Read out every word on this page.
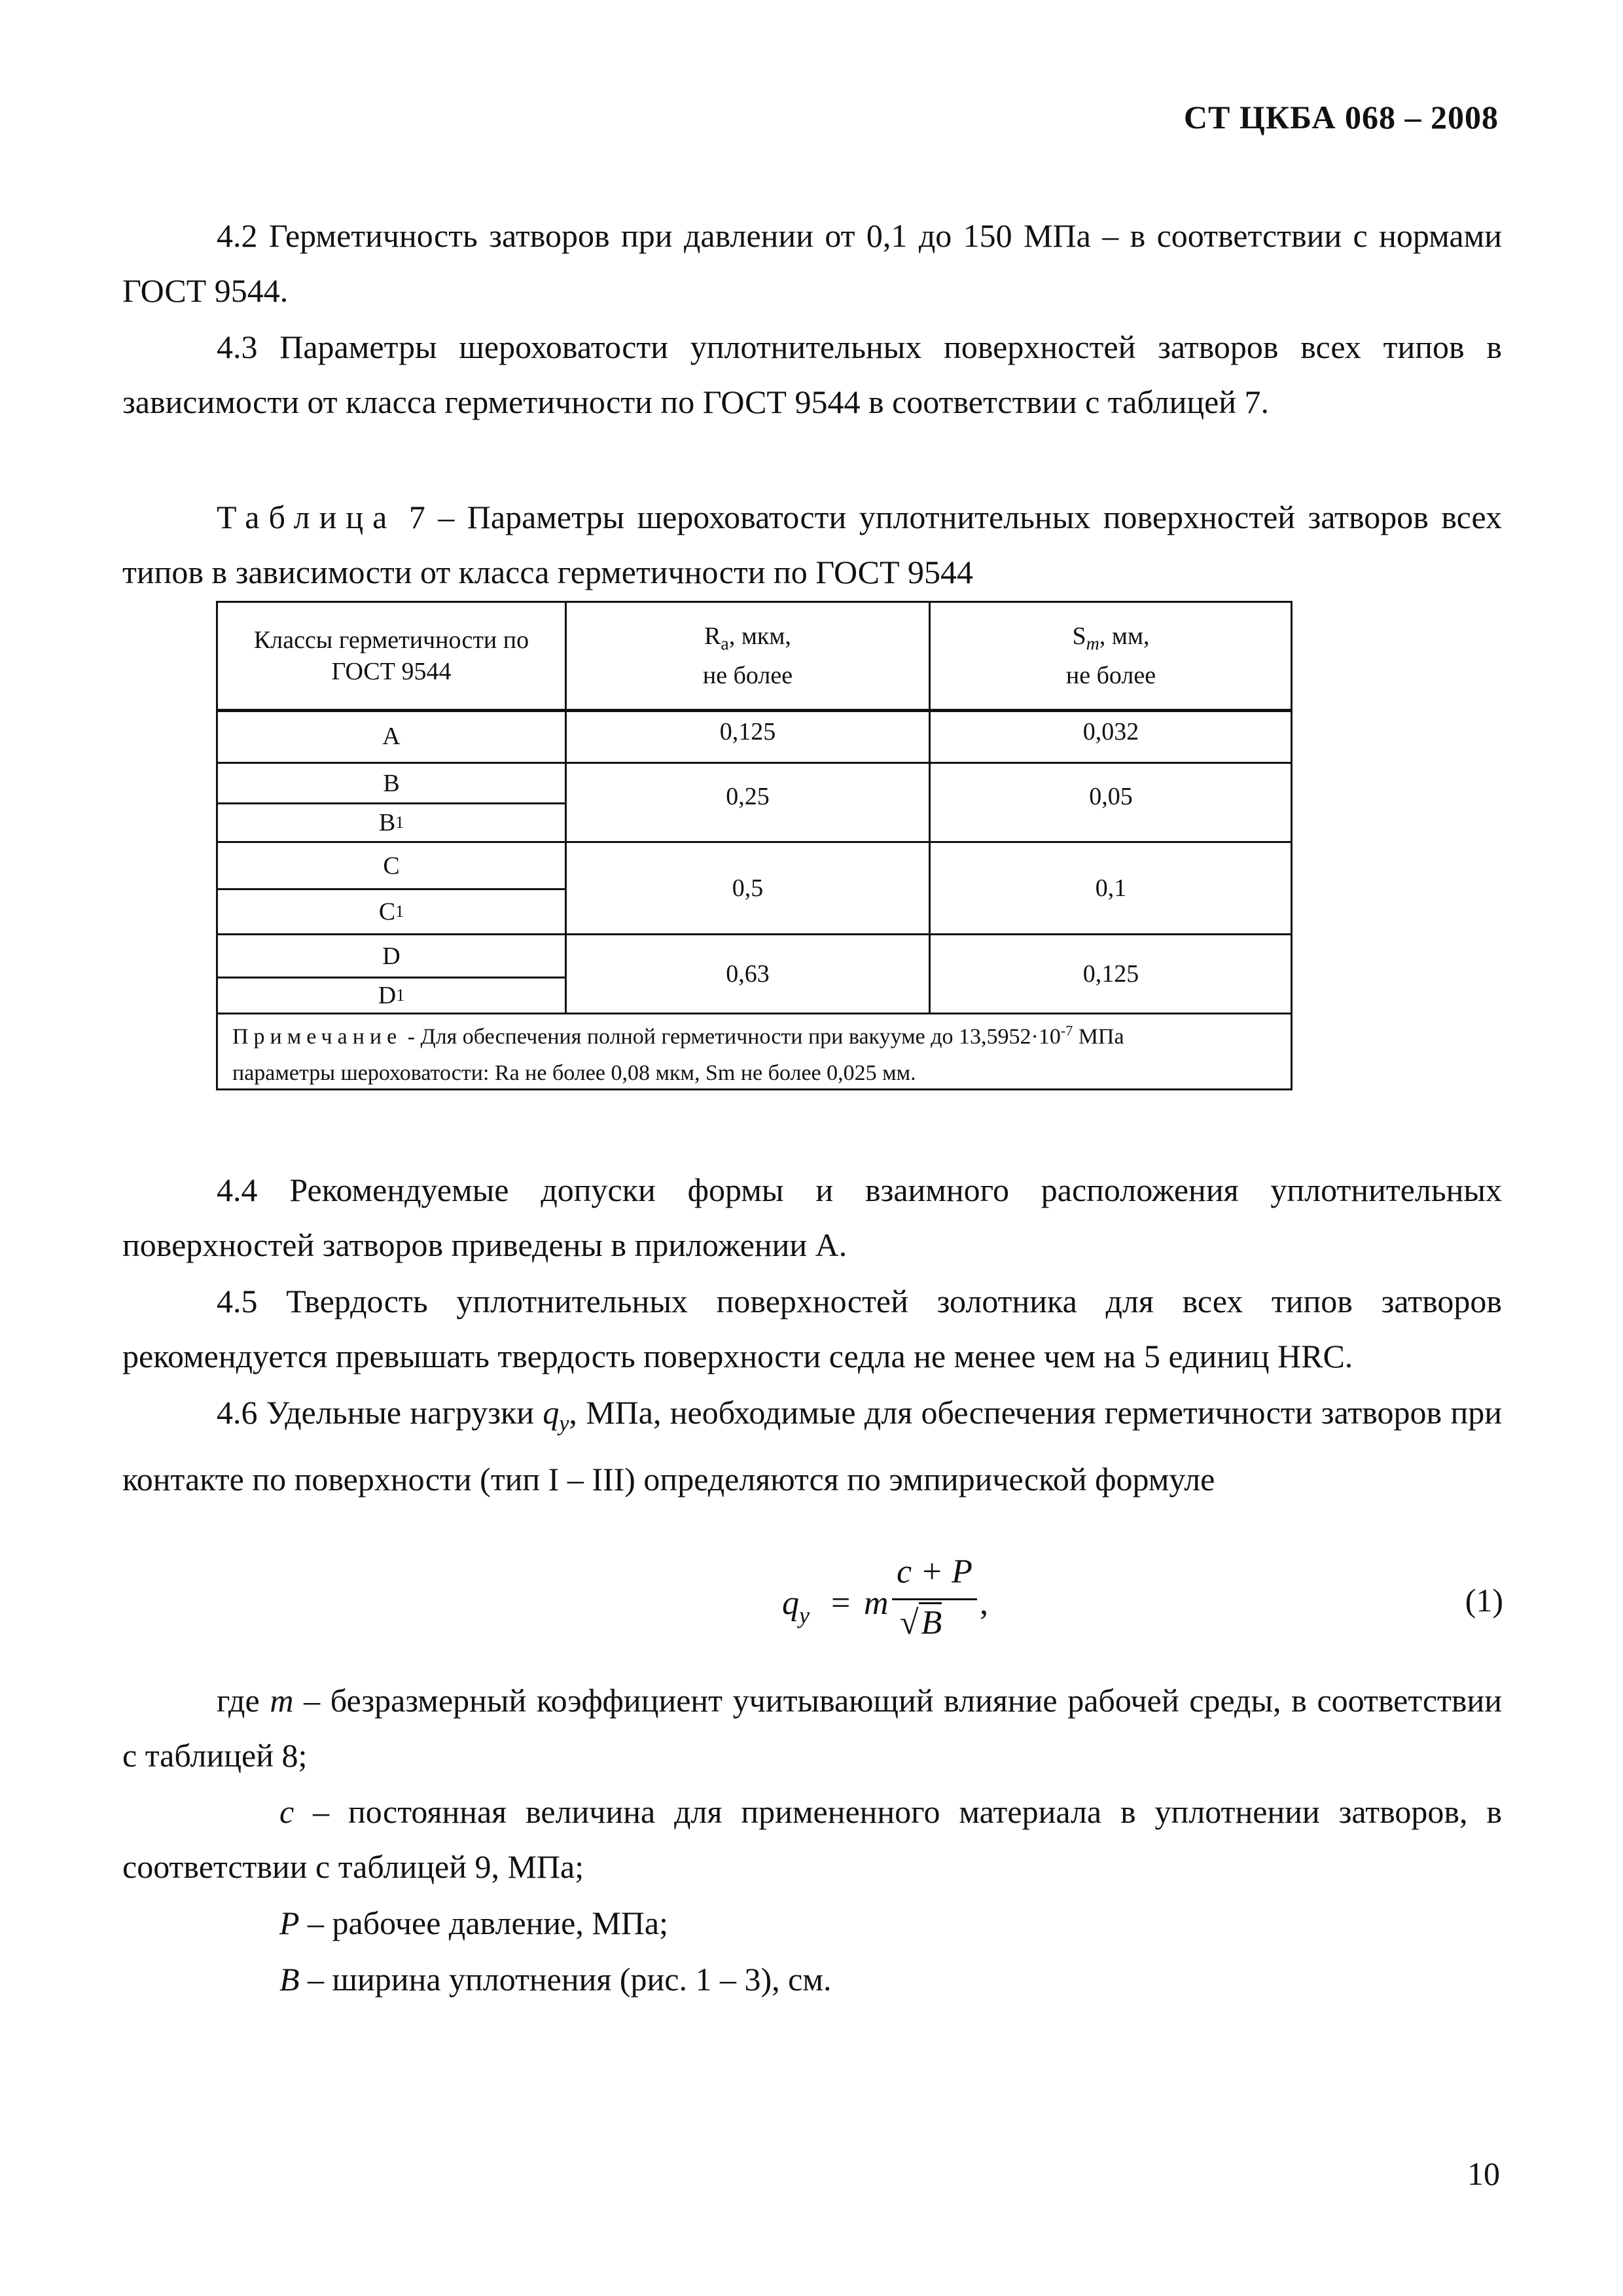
СТ ЦКБА 068 – 2008
4.2 Герметичность затворов при давлении от 0,1 до 150 МПа – в соответствии с нормами ГОСТ 9544.
4.3 Параметры шероховатости уплотнительных поверхностей затворов всех типов в зависимости от класса герметичности по ГОСТ 9544 в соответствии с таблицей 7.
Таблица 7 – Параметры шероховатости уплотнительных поверхностей затворов всех типов в зависимости от класса герметичности по ГОСТ 9544
Классы герметичности по
ГОСТ 9544
$R_a$, мкм,
не более
$S_m$, мм,
не более
A
B
B 1
C
C 1
D
D 1
0,125
0,25
0,5
0,63
0,032
0,05
0,1
0,125
Примечание - Для обеспечения полной герметичности при вакууме до $13,5952\cdot 10^{-7}$ МПа
параметры шероховатости: Ra не более 0,08 мкм, Sm не более 0,025 мм.
4.4 Рекомендуемые допуски формы и взаимного расположения уплотнительных поверхностей затворов приведены в приложении А.
4.5 Твердость уплотнительных поверхностей золотника для всех типов затворов рекомендуется превышать твердость поверхности седла не менее чем на 5 единиц HRC.
4.6 Удельные нагрузки $q_y$, МПа, необходимые для обеспечения герметичности затворов при контакте по поверхности (тип I – III) определяются по эмпирической формуле
$q_y = m$
c + P
√B
,	(1)
где m – безразмерный коэффициент учитывающий влияние рабочей среды, в соответствии с таблицей 8;
c – постоянная величина для примененного материала в уплотнении затворов, в соответствии с таблицей 9, МПа;
P – рабочее давление, МПа;
B – ширина уплотнения (рис. 1 – 3), см.
10
